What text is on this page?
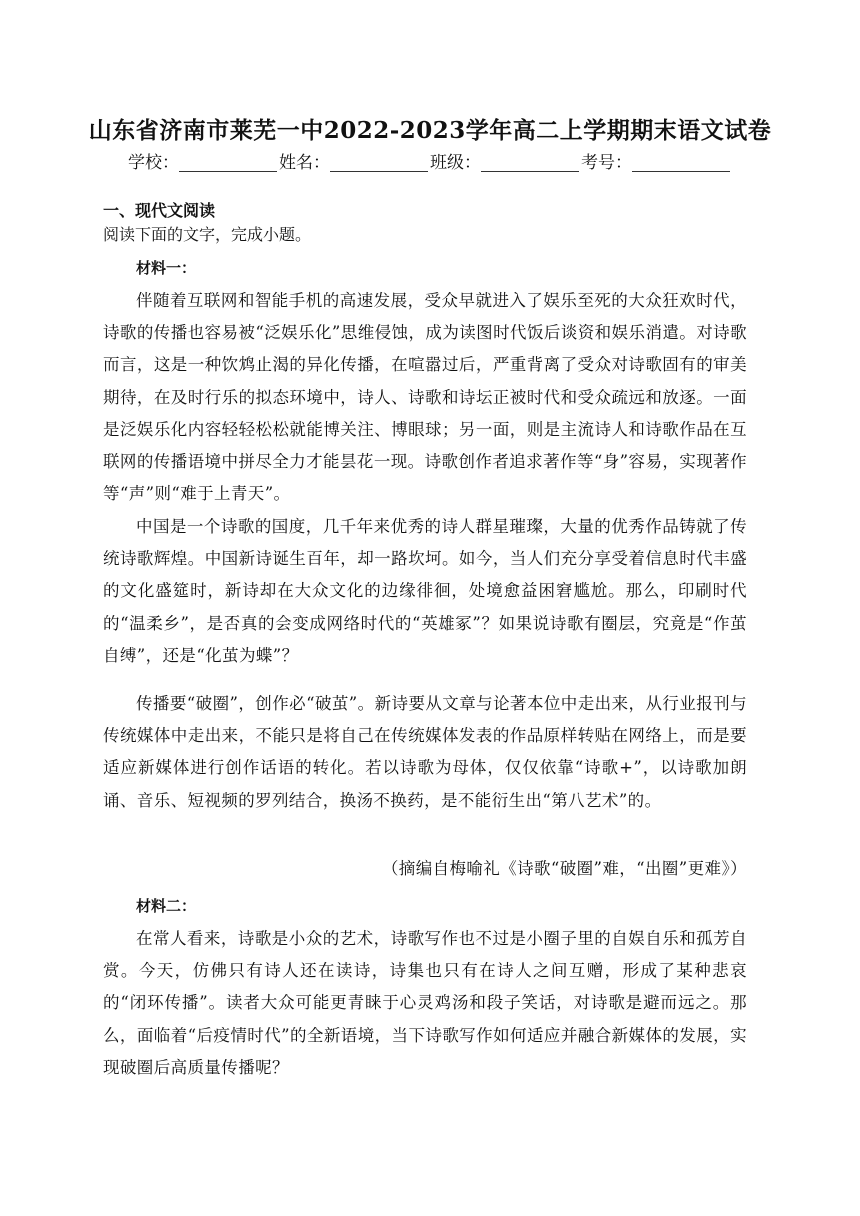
山东省济南市莱芜一中2022-2023学年高二上学期期末语文试卷
学校：	姓名：	班级：	考号：
一、现代文阅读
阅读下面的文字，完成小题。
材料一：
伴随着互联网和智能手机的高速发展，受众早就进入了娱乐至死的大众狂欢时代，诗歌的传播也容易被“泛娱乐化”思维侵蚀，成为读图时代饭后谈资和娱乐消遣。对诗歌而言，这是一种饮鸩止渴的异化传播，在喧嚣过后，严重背离了受众对诗歌固有的审美期待，在及时行乐的拟态环境中，诗人、诗歌和诗坛正被时代和受众疏远和放逐。一面是泛娱乐化内容轻轻松松就能博关注、博眼球；另一面，则是主流诗人和诗歌作品在互联网的传播语境中拼尽全力才能昙花一现。诗歌创作者追求著作等“身”容易，实现著作等“声”则“难于上青天”。
中国是一个诗歌的国度，几千年来优秀的诗人群星璀璨，大量的优秀作品铸就了传统诗歌辉煌。中国新诗诞生百年，却一路坎坷。如今，当人们充分享受着信息时代丰盛的文化盛筵时，新诗却在大众文化的边缘徘徊，处境愈益困窘尴尬。那么，印刷时代的“温柔乡”，是否真的会变成网络时代的“英雄冢”？如果说诗歌有圈层，究竟是“作茧自缚”，还是“化茧为蝶”？
传播要“破圈”，创作必“破茧”。新诗要从文章与论著本位中走出来，从行业报刊与传统媒体中走出来，不能只是将自己在传统媒体发表的作品原样转贴在网络上，而是要适应新媒体进行创作话语的转化。若以诗歌为母体，仅仅依靠“诗歌+”，以诗歌加朗诵、音乐、短视频的罗列结合，换汤不换药，是不能衍生出“第八艺术”的。
（摘编自梅喻礼《诗歌“破圈”难，“出圈”更难》）
材料二：
在常人看来，诗歌是小众的艺术，诗歌写作也不过是小圈子里的自娱自乐和孤芳自赏。今天，仿佛只有诗人还在读诗，诗集也只有在诗人之间互赠，形成了某种悲哀的“闭环传播”。读者大众可能更青睐于心灵鸡汤和段子笑话，对诗歌是避而远之。那么，面临着“后疫情时代”的全新语境，当下诗歌写作如何适应并融合新媒体的发展，实现破圈后高质量传播呢？
